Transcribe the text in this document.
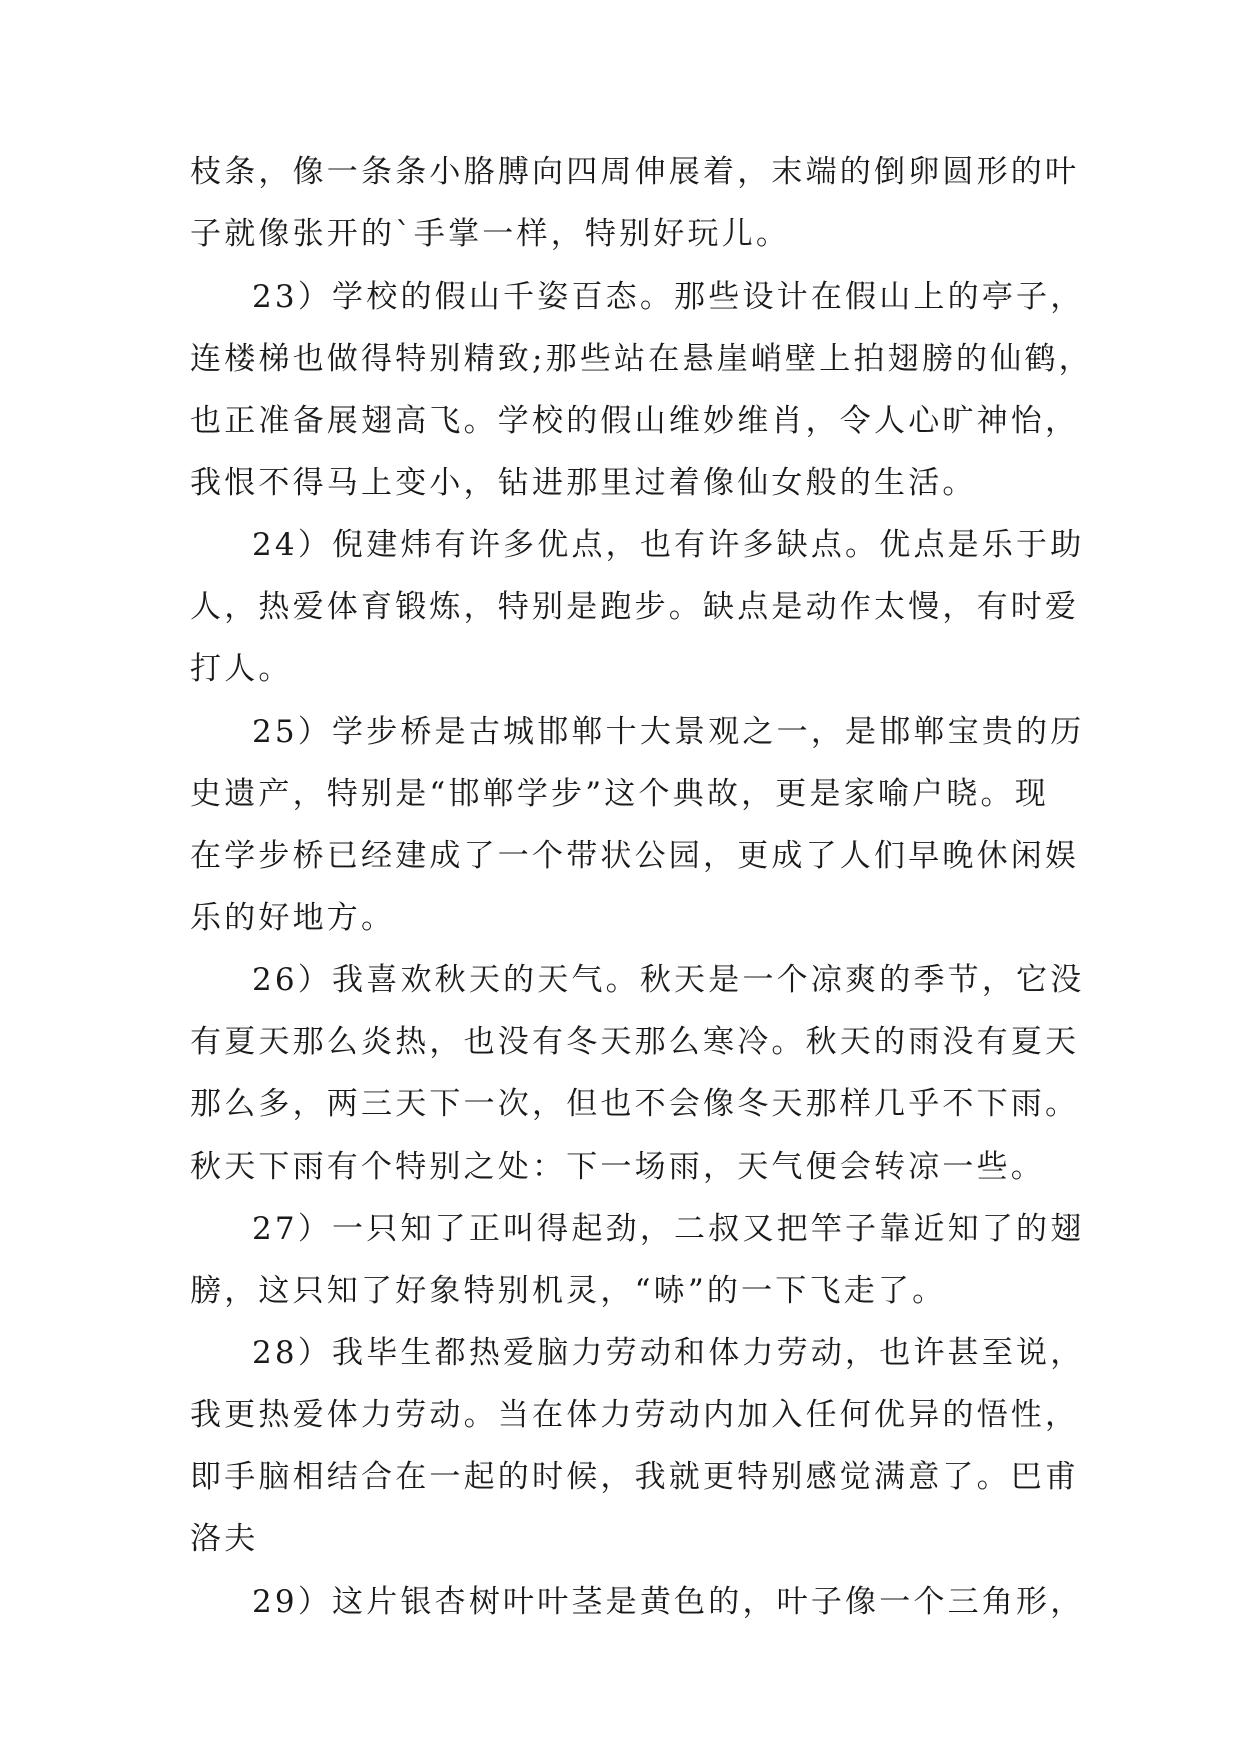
枝条，像一条条小胳膊向四周伸展着，末端的倒卵圆形的叶
子就像张开的`手掌一样，特别好玩儿。
23）学校的假山千姿百态。那些设计在假山上的亭子，
连楼梯也做得特别精致;那些站在悬崖峭壁上拍翅膀的仙鹤，
也正准备展翅高飞。学校的假山维妙维肖，令人心旷神怡，
我恨不得马上变小，钻进那里过着像仙女般的生活。
24）倪建炜有许多优点，也有许多缺点。优点是乐于助
人，热爱体育锻炼，特别是跑步。缺点是动作太慢，有时爱
打人。
25）学步桥是古城邯郸十大景观之一，是邯郸宝贵的历
史遗产，特别是“邯郸学步”这个典故，更是家喻户晓。现
在学步桥已经建成了一个带状公园，更成了人们早晚休闲娱
乐的好地方。
26）我喜欢秋天的天气。秋天是一个凉爽的季节，它没
有夏天那么炎热，也没有冬天那么寒冷。秋天的雨没有夏天
那么多，两三天下一次，但也不会像冬天那样几乎不下雨。
秋天下雨有个特别之处：下一场雨，天气便会转凉一些。
27）一只知了正叫得起劲，二叔又把竿子靠近知了的翅
膀，这只知了好象特别机灵，“哧”的一下飞走了。
28）我毕生都热爱脑力劳动和体力劳动，也许甚至说，
我更热爱体力劳动。当在体力劳动内加入任何优异的悟性，
即手脑相结合在一起的时候，我就更特别感觉满意了。巴甫
洛夫
29）这片银杏树叶叶茎是黄色的，叶子像一个三角形，
